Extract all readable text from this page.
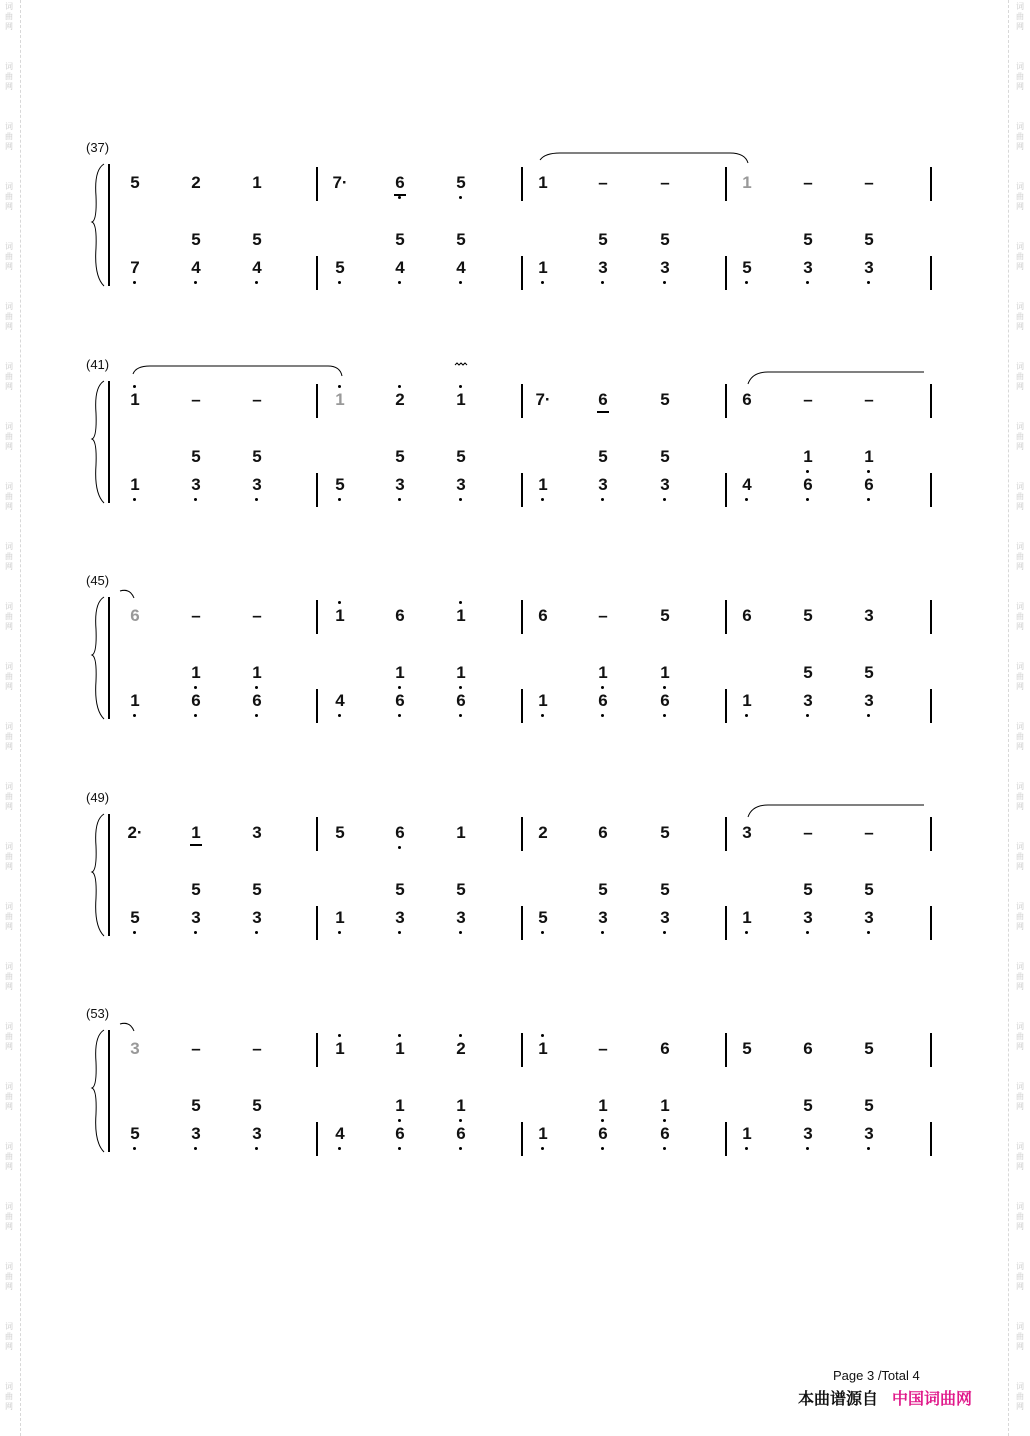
词
曲
网
词
曲
网
词
曲
网
词
曲
网
词
曲
网
词
曲
网
词
曲
网
词
曲
网
词
曲
网
词
曲
网
词
曲
网
词
曲
网
词
曲
网
词
曲
网
词
曲
网
词
曲
网
词
曲
网
词
曲
网
词
曲
网
词
曲
网
词
曲
网
词
曲
网
词
曲
网
词
曲
网
词
曲
网
词
曲
网
词
曲
网
词
曲
网
词
曲
网
词
曲
网
词
曲
网
词
曲
网
词
曲
网
词
曲
网
词
曲
网
词
曲
网
词
曲
网
词
曲
网
词
曲
网
词
曲
网
词
曲
网
词
曲
网
词
曲
网
词
曲
网
词
曲
网
词
曲
网
词
曲
网
词
曲
网
(37)
5	2	1
5	5
7	4	4
7·	6	5
5	5
5	4	4
1	–	–
5	5
1	3	3
1	–	–
5	5
5	3	3
(41)
1	–	–
5	5
1	3	3
1	2	1
5	5
5	3	3
7·	6	5
5	5
1	3	3
6	–	–
1	1
4	6	6
(45)
6	–	–
1	1
1	6	6
1	6	1
1	1
4	6	6
6	–	5
1	1
1	6	6
6	5	3
5	5
1	3	3
(49)
2·	1	3
5	5
5	3	3
5	6	1
5	5
1	3	3
2	6	5
5	5
5	3	3
3	–	–
5	5
1	3	3
(53)
3	–	–
5	5
5	3	3
1	1	2
1	1
4	6	6
1	–	6
1	1
1	6	6
5	6	5
5	5
1	3	3
Page 3 /Total 4
本曲谱源自 中国词曲网
